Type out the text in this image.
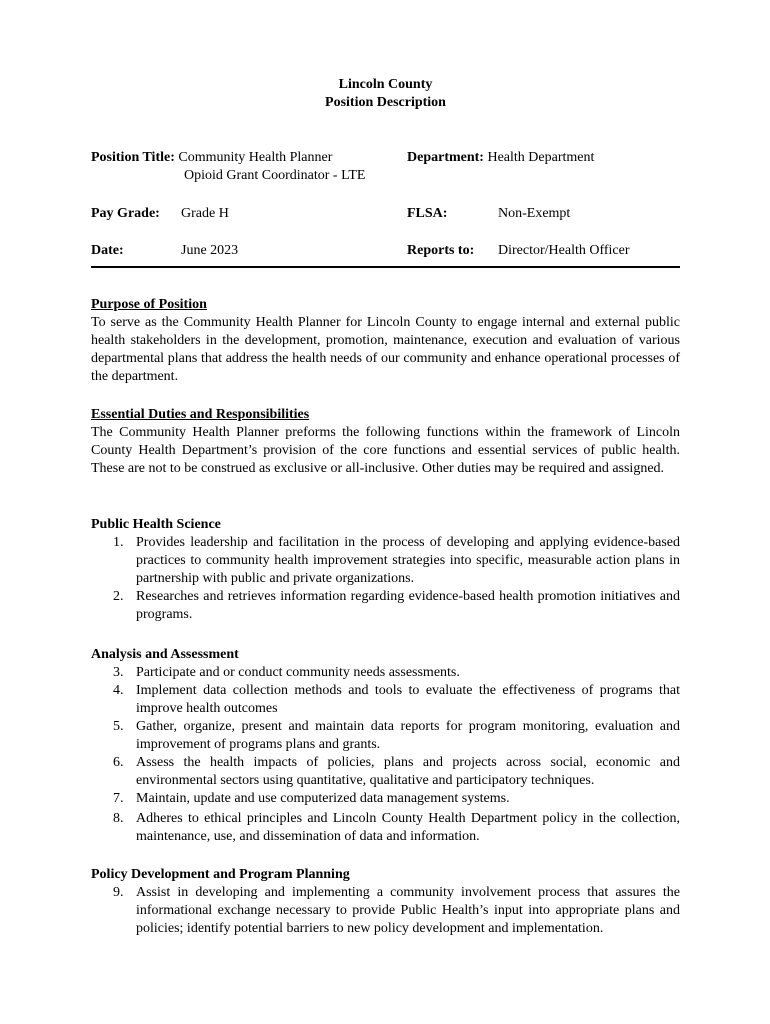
Lincoln County
Position Description
Position Title: Community Health Planner
Opioid Grant Coordinator - LTE
Department: Health Department
Pay Grade: Grade H	FLSA:	Non-Exempt
Date:	June 2023	Reports to: Director/Health Officer
Purpose of Position

To serve as the Community Health Planner for Lincoln County to engage internal and external public health stakeholders in the development, promotion, maintenance, execution and evaluation of various departmental plans that address the health needs of our community and enhance operational processes of the department.

Essential Duties and Responsibilities

The Community Health Planner preforms the following functions within the framework of Lincoln County Health Department’s provision of the core functions and essential services of public health. These are not to be construed as exclusive or all-inclusive. Other duties may be required and assigned.

Public Health Science
1. Provides leadership and facilitation in the process of developing and applying evidence-based practices to community health improvement strategies into specific, measurable action plans in partnership with public and private organizations.
2. Researches and retrieves information regarding evidence-based health promotion initiatives and programs.
Analysis and Assessment
3. Participate and or conduct community needs assessments.
4. Implement data collection methods and tools to evaluate the effectiveness of programs that improve health outcomes
5. Gather, organize, present and maintain data reports for program monitoring, evaluation and improvement of programs plans and grants.
6. Assess the health impacts of policies, plans and projects across social, economic and environmental sectors using quantitative, qualitative and participatory techniques.
7. Maintain, update and use computerized data management systems.
8. Adheres to ethical principles and Lincoln County Health Department policy in the collection, maintenance, use, and dissemination of data and information.
Policy Development and Program Planning
9. Assist in developing and implementing a community involvement process that assures the informational exchange necessary to provide Public Health’s input into appropriate plans and policies; identify potential barriers to new policy development and implementation.
